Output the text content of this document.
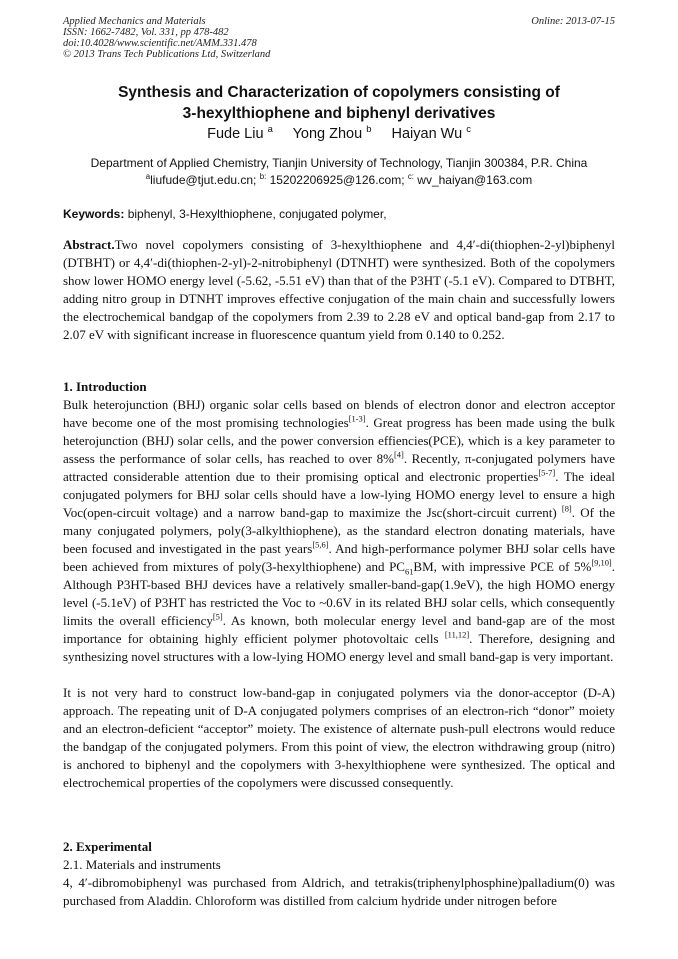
Applied Mechanics and Materials
ISSN: 1662-7482, Vol. 331, pp 478-482
doi:10.4028/www.scientific.net/AMM.331.478
© 2013 Trans Tech Publications Ltd, Switzerland
Online: 2013-07-15
Synthesis and Characterization of copolymers consisting of
3-hexylthiophene and biphenyl derivatives
Fude Liu $^a$ Yong Zhou $^b$ Haiyan Wu $^c$
Department of Applied Chemistry, Tianjin University of Technology, Tianjin 300384, P.R. China
$^a$liufude@tjut.edu.cn; $^{b:}$ 15202206925@126.com; $^{c:}$ wv_haiyan@163.com
Keywords: biphenyl, 3-Hexylthiophene, conjugated polymer,
Abstract.Two novel copolymers consisting of 3-hexylthiophene and 4,4′-di(thiophen-2-yl)biphenyl (DTBHT) or 4,4′-di(thiophen-2-yl)-2-nitrobiphenyl (DTNHT) were synthesized. Both of the copolymers show lower HOMO energy level (-5.62, -5.51 eV) than that of the P3HT (-5.1 eV). Compared to DTBHT, adding nitro group in DTNHT improves effective conjugation of the main chain and successfully lowers the electrochemical bandgap of the copolymers from 2.39 to 2.28 eV and optical band-gap from 2.17 to 2.07 eV with significant increase in fluorescence quantum yield from 0.140 to 0.252.
1. Introduction
Bulk heterojunction (BHJ) organic solar cells based on blends of electron donor and electron acceptor have become one of the most promising technologies[1-3]. Great progress has been made using the bulk heterojunction (BHJ) solar cells, and the power conversion effiencies(PCE), which is a key parameter to assess the performance of solar cells, has reached to over 8%[4]. Recently, π-conjugated polymers have attracted considerable attention due to their promising optical and electronic properties[5-7]. The ideal conjugated polymers for BHJ solar cells should have a low-lying HOMO energy level to ensure a high Voc(open-circuit voltage) and a narrow band-gap to maximize the Jsc(short-circuit current) [8]. Of the many conjugated polymers, poly(3-alkylthiophene), as the standard electron donating materials, have been focused and investigated in the past years[5,6]. And high-performance polymer BHJ solar cells have been achieved from mixtures of poly(3-hexylthiophene) and $PC_{61}BM$, with impressive PCE of 5%[9,10]. Although P3HT-based BHJ devices have a relatively smaller-band-gap(1.9eV), the high HOMO energy level (-5.1eV) of P3HT has restricted the Voc to ~0.6V in its related BHJ solar cells, which consequently limits the overall efficiency[5]. As known, both molecular energy level and band-gap are of the most importance for obtaining highly efficient polymer photovoltaic cells [11,12]. Therefore, designing and synthesizing novel structures with a low-lying HOMO energy level and small band-gap is very important.
It is not very hard to construct low-band-gap in conjugated polymers via the donor-acceptor (D-A) approach. The repeating unit of D-A conjugated polymers comprises of an electron-rich “donor” moiety and an electron-deficient “acceptor” moiety. The existence of alternate push-pull electrons would reduce the bandgap of the conjugated polymers. From this point of view, the electron withdrawing group (nitro) is anchored to biphenyl and the copolymers with 3-hexylthiophene were synthesized. The optical and electrochemical properties of the copolymers were discussed consequently.
2. Experimental
2.1. Materials and instruments
4, 4′-dibromobiphenyl was purchased from Aldrich, and tetrakis(triphenylphosphine)palladium(0) was purchased from Aladdin. Chloroform was distilled from calcium hydride under nitrogen before
